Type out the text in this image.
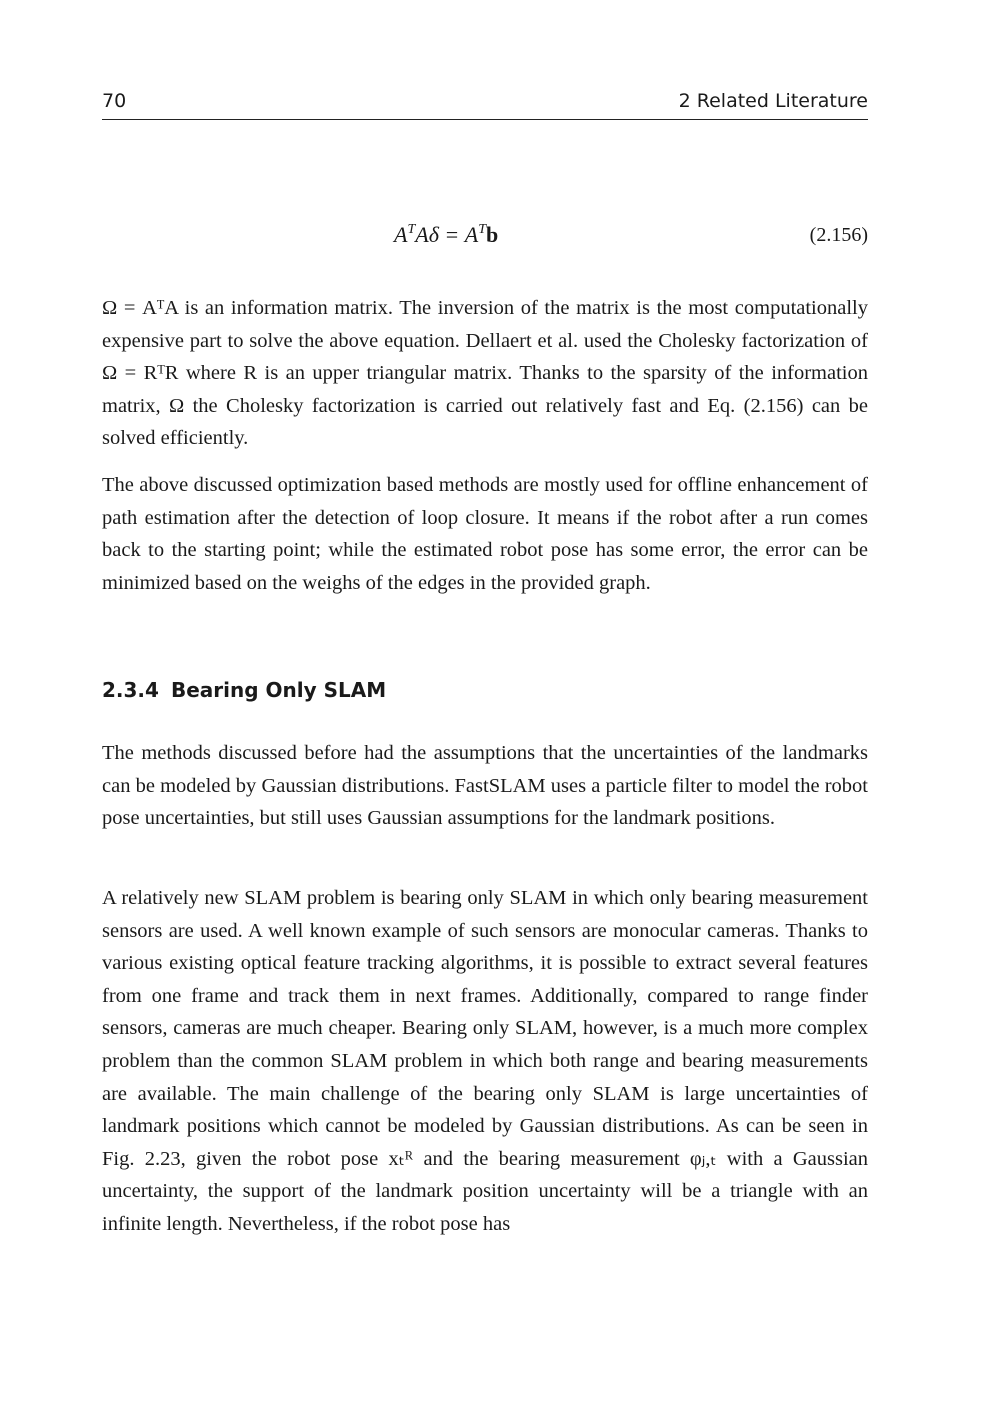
70	2 Related Literature
$A^TA\delta = A^Tb$	(2.156)

Ω = AᵀA is an information matrix. The inversion of the matrix is the most computationally expensive part to solve the above equation. Dellaert et al. used the Cholesky factorization of Ω = RᵀR where R is an upper triangular matrix. Thanks to the sparsity of the information matrix, Ω the Cholesky factorization is carried out relatively fast and Eq. (2.156) can be solved efficiently.

The above discussed optimization based methods are mostly used for offline enhancement of path estimation after the detection of loop closure. It means if the robot after a run comes back to the starting point; while the estimated robot pose has some error, the error can be minimized based on the weighs of the edges in the provided graph.

2.3.4 Bearing Only SLAM

The methods discussed before had the assumptions that the uncertainties of the landmarks can be modeled by Gaussian distributions. FastSLAM uses a particle filter to model the robot pose uncertainties, but still uses Gaussian assumptions for the landmark positions.

A relatively new SLAM problem is bearing only SLAM in which only bearing measurement sensors are used. A well known example of such sensors are monocular cameras. Thanks to various existing optical feature tracking algorithms, it is possible to extract several features from one frame and track them in next frames. Additionally, compared to range finder sensors, cameras are much cheaper. Bearing only SLAM, however, is a much more complex problem than the common SLAM problem in which both range and bearing measurements are available. The main challenge of the bearing only SLAM is large uncertainties of landmark positions which cannot be modeled by Gaussian distributions. As can be seen in Fig. 2.23, given the robot pose xₜᴿ and the bearing measurement φⱼ,ₜ with a Gaussian uncertainty, the support of the landmark position uncertainty will be a triangle with an infinite length. Nevertheless, if the robot pose has
